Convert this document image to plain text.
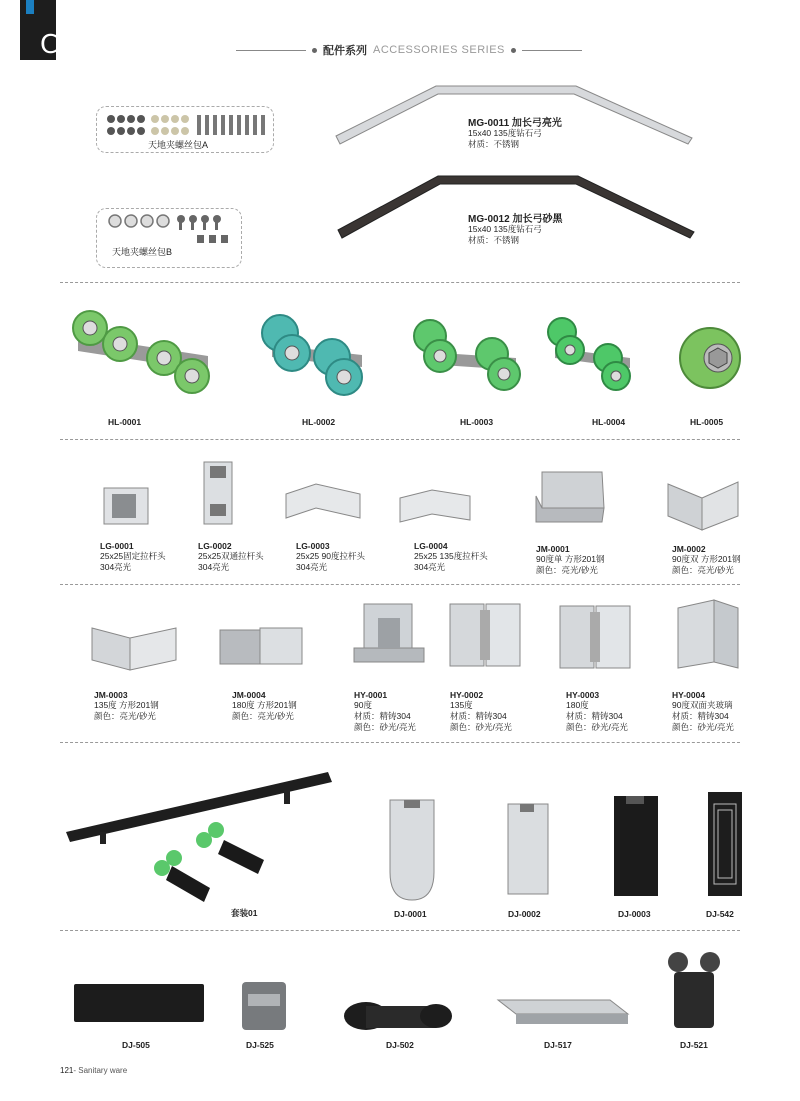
C	配件系列 ACCESSORIES SERIES
天地夹螺丝包A
天地夹螺丝包B
MG-0011 加长弓亮光
15x40 135度钻石弓
材质：不锈钢
MG-0012 加长弓砂黑
15x40 135度钻石弓
材质：不锈钢
HL-0001	HL-0002	HL-0003	HL-0004	HL-0005
LG-0001
25x25固定拉杆头
304亮光
LG-0002
25x25双通拉杆头
304亮光
LG-0003
25x25 90度拉杆头
304亮光
LG-0004
25x25 135度拉杆头
304亮光
JM-0001
90度单 方形201钢
颜色：亮光/砂光
JM-0002
90度双 方形201钢
颜色：亮光/砂光
JM-0003
135度 方形201钢
颜色：亮光/砂光
JM-0004
180度 方形201钢
颜色：亮光/砂光
HY-0001
90度
材质：精铸304
颜色：砂光/亮光
HY-0002
135度
材质：精铸304
颜色：砂光/亮光
HY-0003
180度
材质：精铸304
颜色：砂光/亮光
HY-0004
90度双面夹玻璃
材质：精铸304
颜色：砂光/亮光
套装01	DJ-0001	DJ-0002	DJ-0003	DJ-542
DJ-505	DJ-525	DJ-502	DJ-517	DJ-521
121- Sanitary ware
